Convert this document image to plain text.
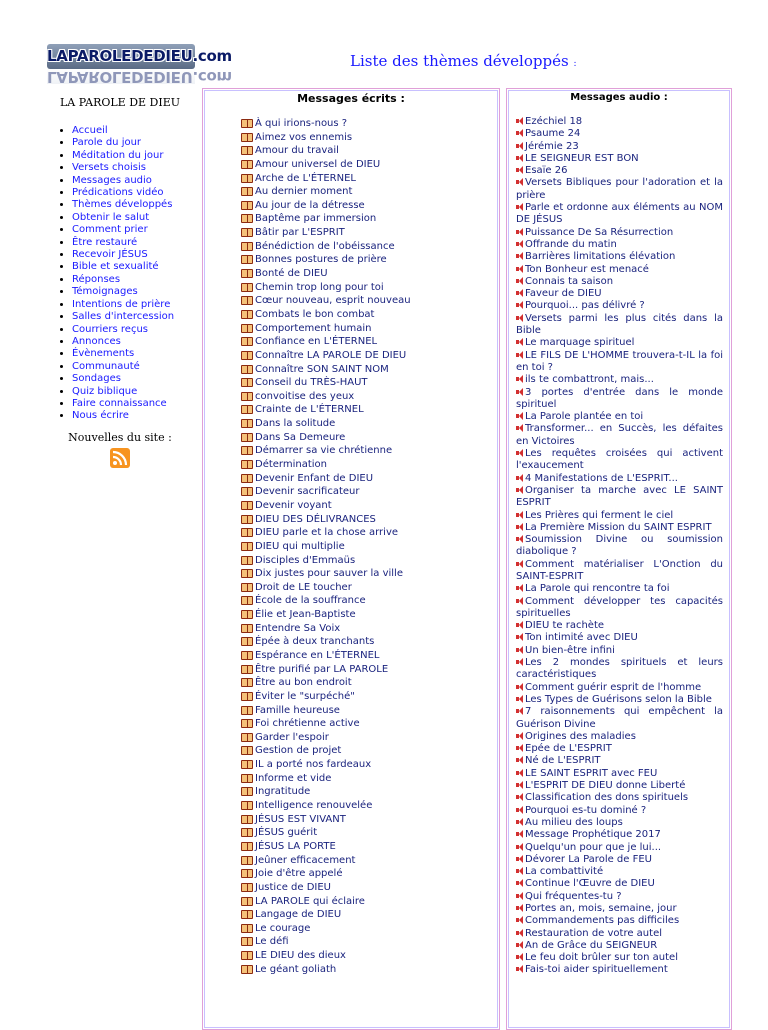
LAPAROLEDEDIEU.com
LAPAROLEDEDIEU.com
Liste des thèmes développés :
LA PAROLE DE DIEU
• Accueil
• Parole du jour
• Méditation du jour
• Versets choisis
• Messages audio
• Prédications vidéo
• Thèmes développés
• Obtenir le salut
• Comment prier
• Être restauré
• Recevoir JÉSUS
• Bible et sexualité
• Réponses
• Témoignages
• Intentions de prière
• Salles d'intercession
• Courriers reçus
• Annonces
• Évènements
• Communauté
• Sondages
• Quiz biblique
• Faire connaissance
• Nous écrire
Nouvelles du site :
Messages écrits :
À qui irions-nous ?
Aimez vos ennemis
Amour du travail
Amour universel de DIEU
Arche de L'ÉTERNEL
Au dernier moment
Au jour de la détresse
Baptême par immersion
Bâtir par L'ESPRIT
Bénédiction de l'obéissance
Bonnes postures de prière
Bonté de DIEU
Chemin trop long pour toi
Cœur nouveau, esprit nouveau
Combats le bon combat
Comportement humain
Confiance en L'ÉTERNEL
Connaître LA PAROLE DE DIEU
Connaître SON SAINT NOM
Conseil du TRÈS-HAUT
convoitise des yeux
Crainte de L'ÉTERNEL
Dans la solitude
Dans Sa Demeure
Démarrer sa vie chrétienne
Détermination
Devenir Enfant de DIEU
Devenir sacrificateur
Devenir voyant
DIEU DES DÉLIVRANCES
DIEU parle et la chose arrive
DIEU qui multiplie
Disciples d'Emmaüs
Dix justes pour sauver la ville
Droit de LE toucher
École de la souffrance
Élie et Jean-Baptiste
Entendre Sa Voix
Épée à deux tranchants
Espérance en L'ÉTERNEL
Être purifié par LA PAROLE
Être au bon endroit
Éviter le "surpéché"
Famille heureuse
Foi chrétienne active
Garder l'espoir
Gestion de projet
IL a porté nos fardeaux
Informe et vide
Ingratitude
Intelligence renouvelée
JÉSUS EST VIVANT
JÉSUS guérit
JÉSUS LA PORTE
Jeûner efficacement
Joie d'être appelé
Justice de DIEU
LA PAROLE qui éclaire
Langage de DIEU
Le courage
Le défi
LE DIEU des dieux
Le géant goliath
Messages audio :
Ezéchiel 18
Psaume 24
Jérémie 23
LE SEIGNEUR EST BON
Esaïe 26
Versets Bibliques pour l'adoration et la prière
Parle et ordonne aux éléments au NOM DE JÉSUS
Puissance De Sa Résurrection
Offrande du matin
Barrières limitations élévation
Ton Bonheur est menacé
Connais ta saison
Faveur de DIEU
Pourquoi... pas délivré ?
Versets parmi les plus cités dans la Bible
Le marquage spirituel
LE FILS DE L'HOMME trouvera-t-IL la foi en toi ?
ils te combattront, mais...
3 portes d'entrée dans le monde spirituel
La Parole plantée en toi
Transformer... en Succès, les défaites en Victoires
Les requêtes croisées qui activent l'exaucement
4 Manifestations de L'ESPRIT...
Organiser ta marche avec LE SAINT ESPRIT
Les Prières qui ferment le ciel
La Première Mission du SAINT ESPRIT
Soumission Divine ou soumission diabolique ?
Comment matérialiser L'Onction du SAINT-ESPRIT
La Parole qui rencontre ta foi
Comment développer tes capacités spirituelles
DIEU te rachète
Ton intimité avec DIEU
Un bien-être infini
Les 2 mondes spirituels et leurs caractéristiques
Comment guérir esprit de l'homme
Les Types de Guérisons selon la Bible
7 raisonnements qui empêchent la Guérison Divine
Origines des maladies
Epée de L'ESPRIT
Né de L'ESPRIT
LE SAINT ESPRIT avec FEU
L'ESPRIT DE DIEU donne Liberté
Classification des dons spirituels
Pourquoi es-tu dominé ?
Au milieu des loups
Message Prophétique 2017
Quelqu'un pour que je lui...
Dévorer La Parole de FEU
La combattivité
Continue l'Œuvre de DIEU
Qui fréquentes-tu ?
Portes an, mois, semaine, jour
Commandements pas difficiles
Restauration de votre autel
An de Grâce du SEIGNEUR
Le feu doit brûler sur ton autel
Fais-toi aider spirituellement
